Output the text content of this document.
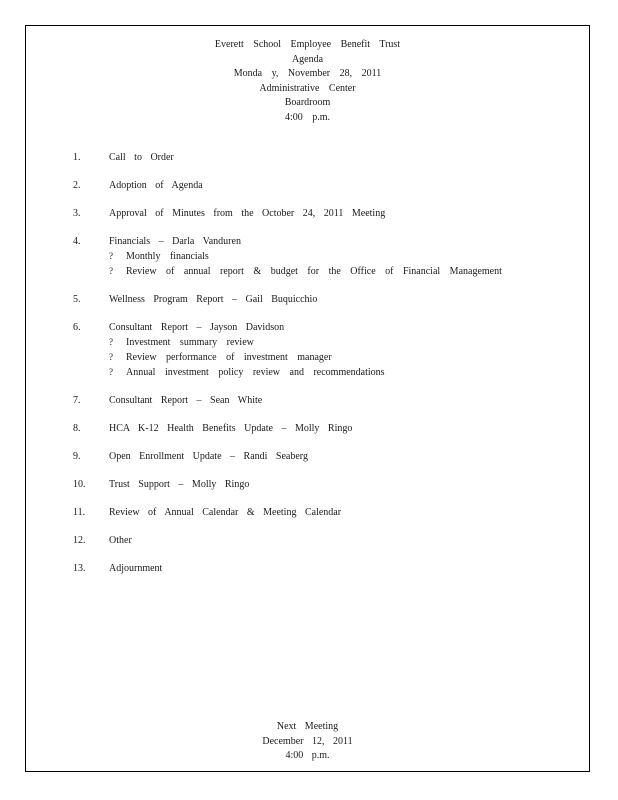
Everett School Employee Benefit Trust
Agenda
Monda y, November 28, 2011
Administrative Center
Boardroom
4:00 p.m.
1.	Call to Order
2.	Adoption of Agenda
3.	Approval of Minutes from the October 24, 2011 Meeting
4.	Financials – Darla Vanduren
? Monthly financials
? Review of annual report & budget for the Office of Financial Management
5.	Wellness Program Report – Gail Buquicchio
6.	Consultant Report – Jayson Davidson
? Investment summary review
? Review performance of investment manager
? Annual investment policy review and recommendations
7.	Consultant Report – Sean White
8.	HCA K-12 Health Benefits Update – Molly Ringo
9.	Open Enrollment Update – Randi Seaberg
10. Trust Support – Molly Ringo
11. Review of Annual Calendar & Meeting Calendar
12. Other
13. Adjournment
Next Meeting
December 12, 2011
4:00 p.m.
